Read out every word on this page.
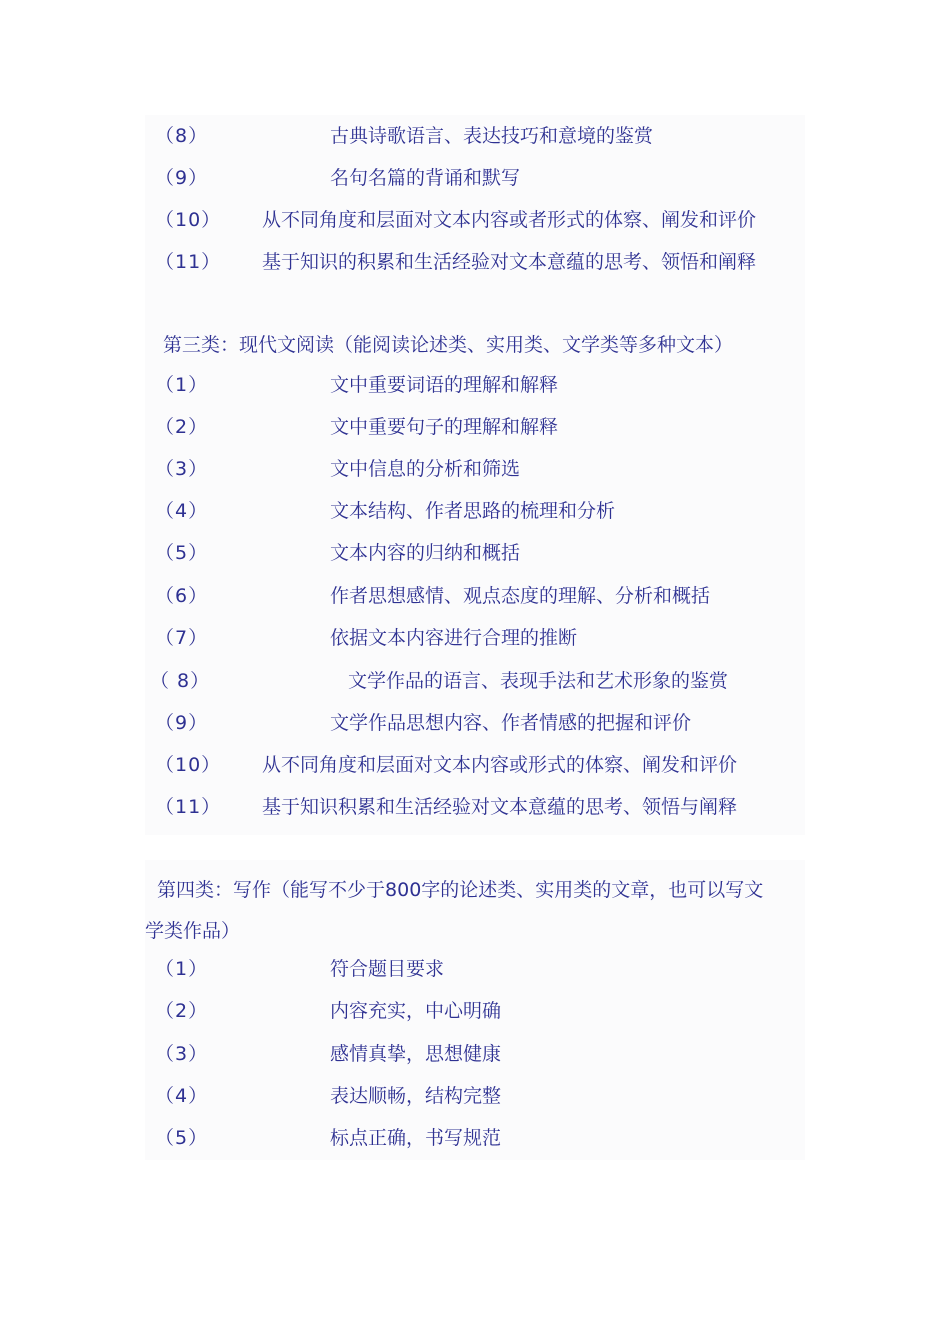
（8）	古典诗歌语言、表达技巧和意境的鉴赏
（9）	名句名篇的背诵和默写
（10） 从不同角度和层面对文本内容或者形式的体察、阐发和评价
（11） 基于知识的积累和生活经验对文本意蕴的思考、领悟和阐释
第三类：现代文阅读（能阅读论述类、实用类、文学类等多种文本）
（1）	文中重要词语的理解和解释
（2）	文中重要句子的理解和解释
（3）	文中信息的分析和筛选
（4）	文本结构、作者思路的梳理和分析
（5）	文本内容的归纳和概括
（6）	作者思想感情、观点态度的理解、分析和概括
（7）	依据文本内容进行合理的推断
（ 8）	文学作品的语言、表现手法和艺术形象的鉴赏
（9）	文学作品思想内容、作者情感的把握和评价
（10） 从不同角度和层面对文本内容或形式的体察、阐发和评价
（11） 基于知识积累和生活经验对文本意蕴的思考、领悟与阐释
第四类：写作（能写不少于800字的论述类、实用类的文章，也可以写文
学类作品）
（1）	符合题目要求
（2）	内容充实，中心明确
（3）	感情真挚，思想健康
（4）	表达顺畅，结构完整
（5）	标点正确，书写规范
